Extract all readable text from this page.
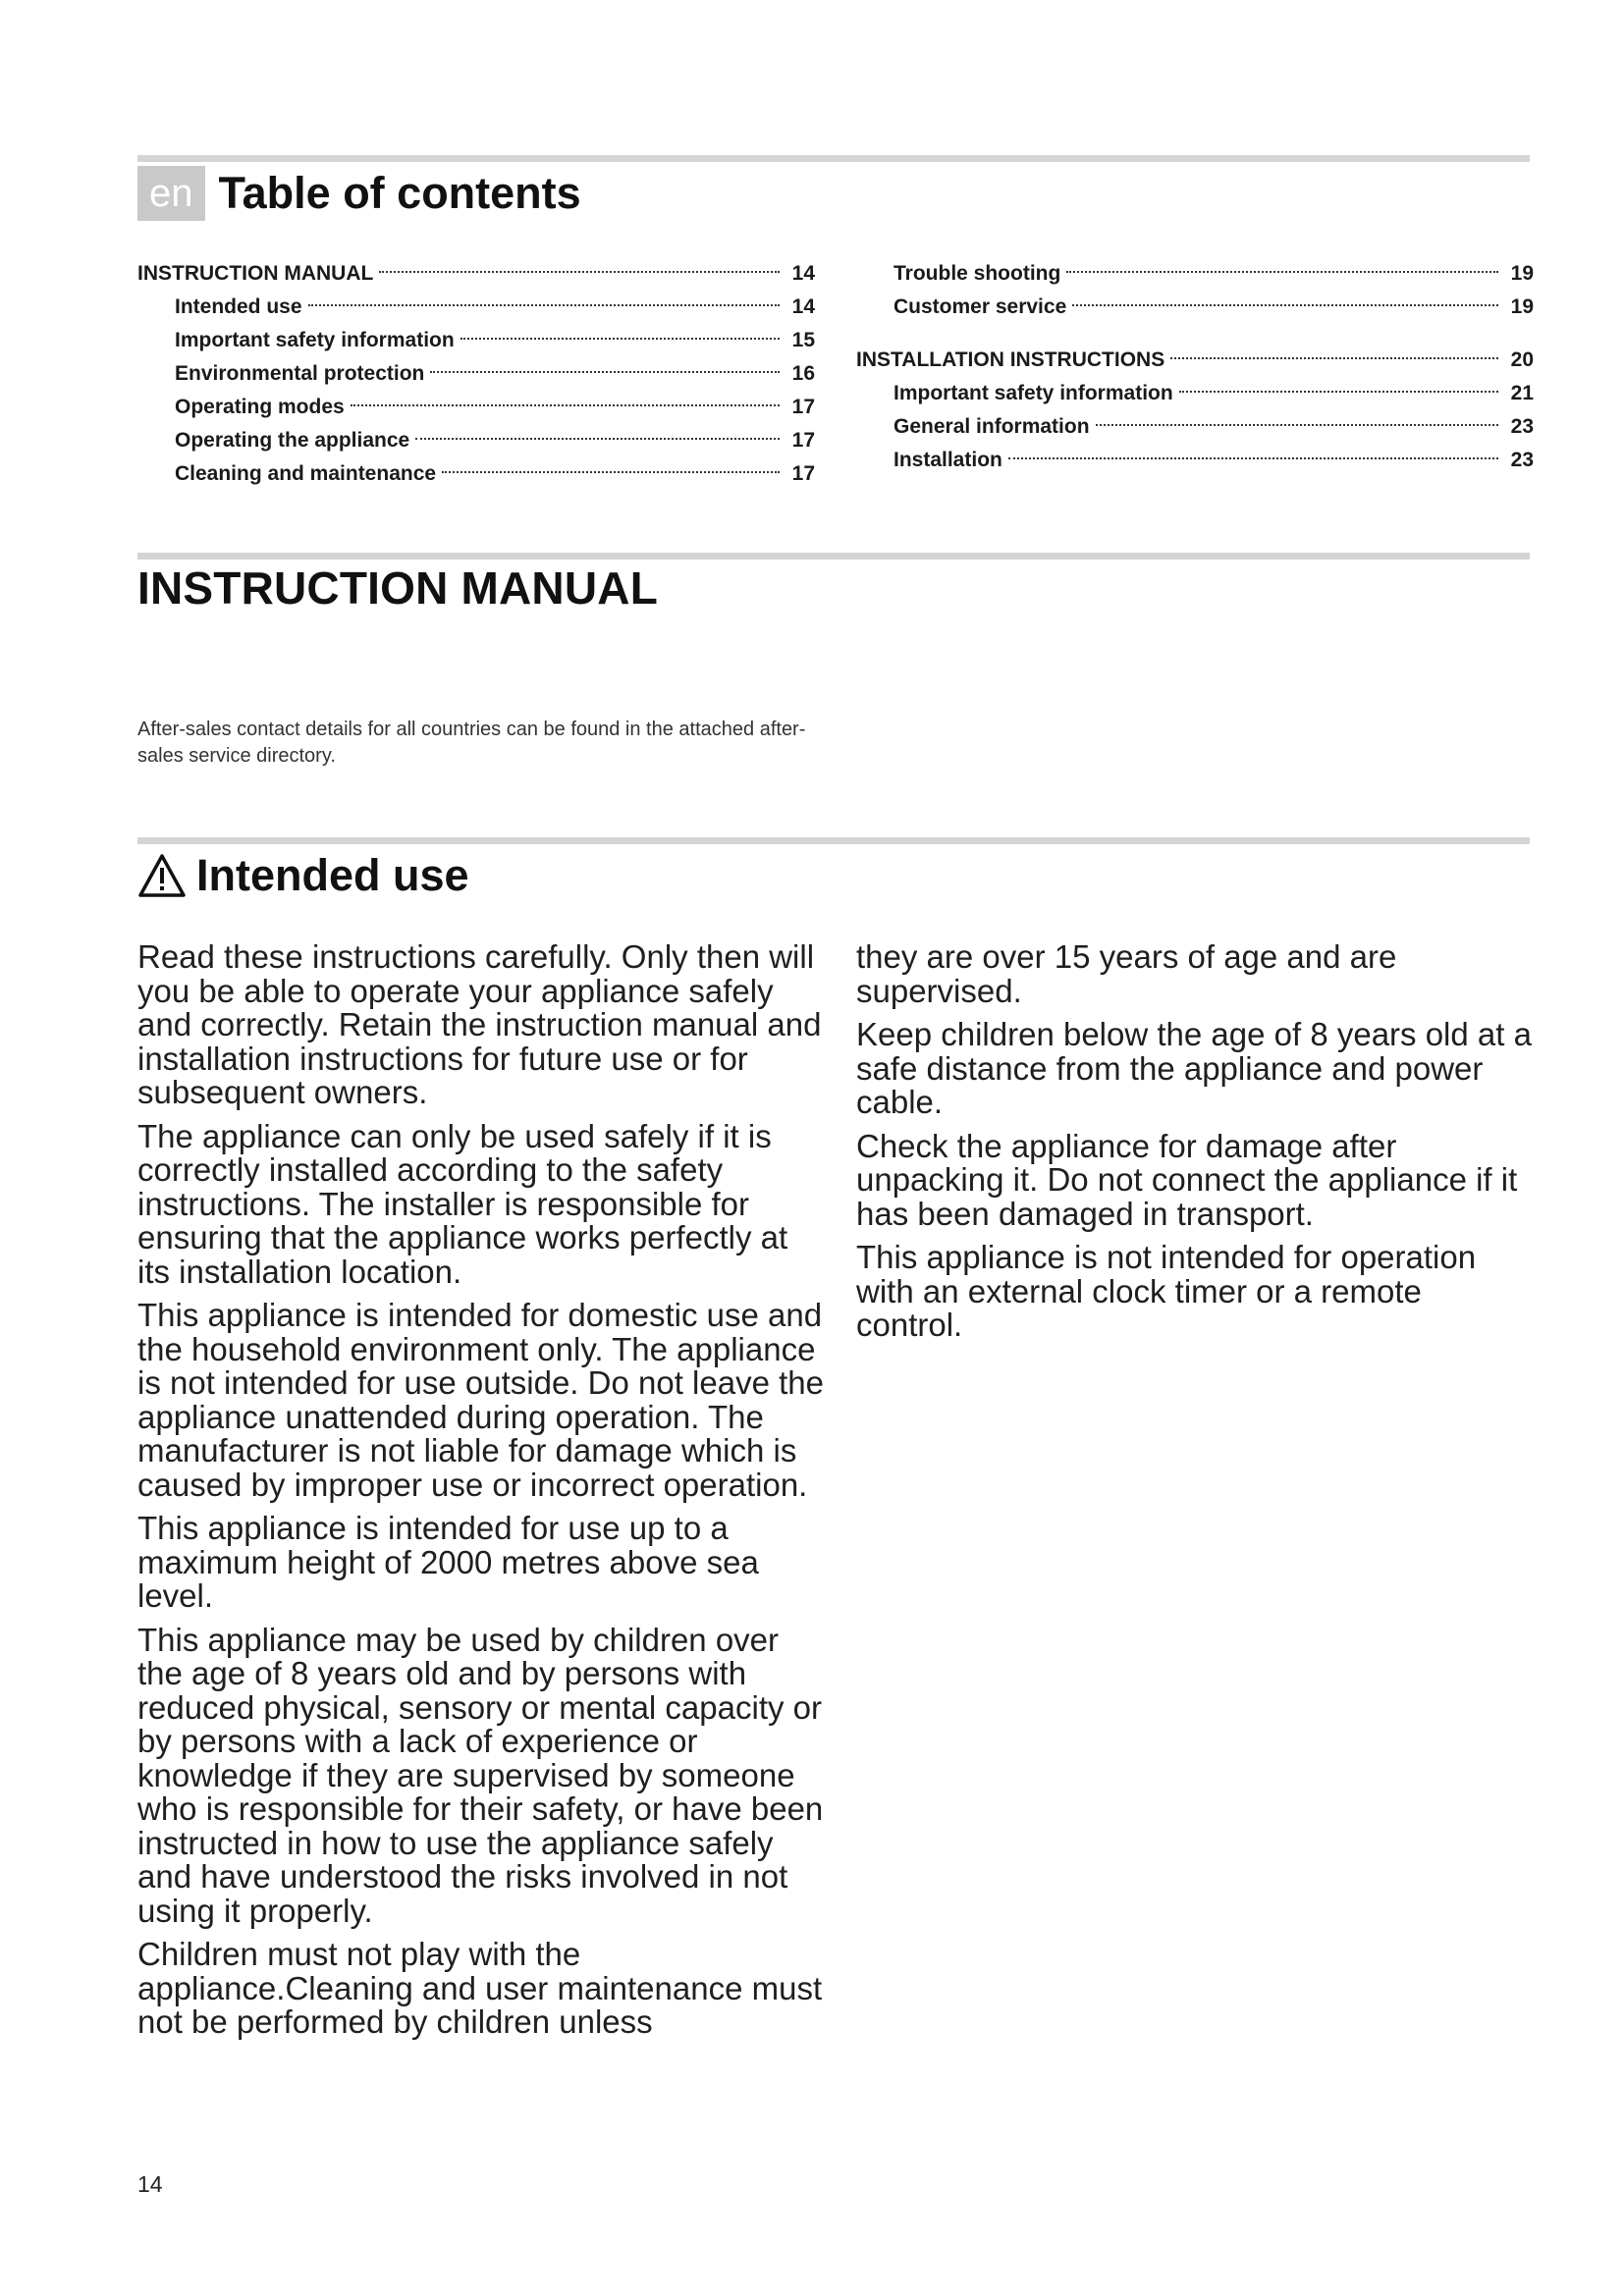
en Table of contents
INSTRUCTION MANUAL	14
Intended use	14
Important safety information	15
Environmental protection	16
Operating modes	17
Operating the appliance	17
Cleaning and maintenance	17
Trouble shooting	19
Customer service	19
INSTALLATION INSTRUCTIONS	20
Important safety information	21
General information	23
Installation	23
INSTRUCTION MANUAL
After-sales contact details for all countries can be found in the attached after-sales service directory.
Intended use

Read these instructions carefully. Only then will you be able to operate your appliance safely and correctly. Retain the instruction manual and installation instructions for future use or for subsequent owners.

The appliance can only be used safely if it is correctly installed according to the safety instructions. The installer is responsible for ensuring that the appliance works perfectly at its installation location.

This appliance is intended for domestic use and the household environment only. The appliance is not intended for use outside. Do not leave the appliance unattended during operation. The manufacturer is not liable for damage which is caused by improper use or incorrect operation.

This appliance is intended for use up to a maximum height of 2000 metres above sea level.

This appliance may be used by children over the age of 8 years old and by persons with reduced physical, sensory or mental capacity or by persons with a lack of experience or knowledge if they are supervised by someone who is responsible for their safety, or have been instructed in how to use the appliance safely and have understood the risks involved in not using it properly.

Children must not play with the appliance.Cleaning and user maintenance must not be performed by children unless

they are over 15 years of age and are supervised.

Keep children below the age of 8 years old at a safe distance from the appliance and power cable.

Check the appliance for damage after unpacking it. Do not connect the appliance if it has been damaged in transport.

This appliance is not intended for operation with an external clock timer or a remote control.

14
